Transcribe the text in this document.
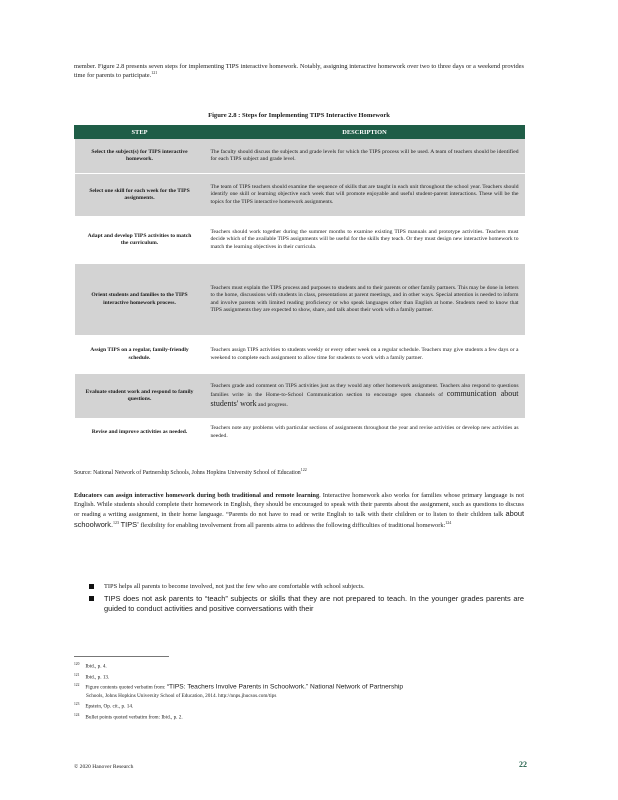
member. Figure 2.8 presents seven steps for implementing TIPS interactive homework. Notably, assigning interactive homework over two to three days or a weekend provides time for parents to participate.$^{121}$

Figure 2.8 : Steps for Implementing TIPS Interactive Homework
STEP	DESCRIPTION
Select the subject(s) for TIPS interactive homework.	The faculty should discuss the subjects and grade levels for which the TIPS process will be used. A team of teachers should be identified for each TIPS subject and grade level.
Select one skill for each week for the TIPS assignments.	The team of TIPS teachers should examine the sequence of skills that are taught in each unit throughout the school year. Teachers should identify one skill or learning objective each week that will promote enjoyable and useful student-parent interactions. These will be the topics for the TIPS interactive homework assignments.
Adapt and develop TIPS activities to match the curriculum.	Teachers should work together during the summer months to examine existing TIPS manuals and prototype activities. Teachers must decide which of the available TIPS assignments will be useful for the skills they teach. Or they must design new interactive homework to match the learning objectives in their curricula.
Orient students and families to the TIPS interactive homework process.	Teachers must explain the TIPS process and purposes to students and to their parents or other family partners. This may be done in letters to the home, discussions with students in class, presentations at parent meetings, and in other ways. Special attention is needed to inform and involve parents with limited reading proficiency or who speak languages other than English at home. Students need to know that TIPS assignments they are expected to show, share, and talk about their work with a family partner.
Assign TIPS on a regular, family-friendly schedule.	Teachers assign TIPS activities to students weekly or every other week on a regular schedule. Teachers may give students a few days or a weekend to complete each assignment to allow time for students to work with a family partner.
Evaluate student work and respond to family questions.	Teachers grade and comment on TIPS activities just as they would any other homework assignment. Teachers also respond to questions families write in the Home-to-School Communication section to encourage open channels of communication about students' work and progress.
Revise and improve activities as needed.	Teachers note any problems with particular sections of assignments throughout the year and revise activities or develop new activities as needed.
Source: National Network of Partnership Schools, Johns Hopkins University School of Education$^{122}$

Educators can assign interactive homework during both traditional and remote learning. Interactive homework also works for families whose primary language is not English. While students should complete their homework in English, they should be encouraged to speak with their parents about the assignment, such as questions to discuss or reading a writing assignment, in their home language. “Parents do not have to read or write English to talk with their children or to listen to their children talk about schoolwork.$^{123}$ TIPS’ flexibility for enabling involvement from all parents aims to address the following difficulties of traditional homework:$^{124}$

TIPS helps all parents to become involved, not just the few who are comfortable with school subjects.
TIPS does not ask parents to “teach” subjects or skills that they are not prepared to teach. In the younger grades parents are guided to conduct activities and positive conversations with their
$^{120}$ Ibid., p. 4.
$^{121}$ Ibid., p. 13.
$^{122}$ Figure contents quoted verbatim from: “TIPS: Teachers Involve Parents in Schoolwork.” National Network of Partnership
Schools, Johns Hopkins University School of Education, 2014. http://nnps.jhucsos.com/tips
$^{123}$ Epstein, Op. cit., p. 14.
$^{124}$ Bullet points quoted verbatim from: Ibid., p. 2.
© 2020 Hanover Research	22
